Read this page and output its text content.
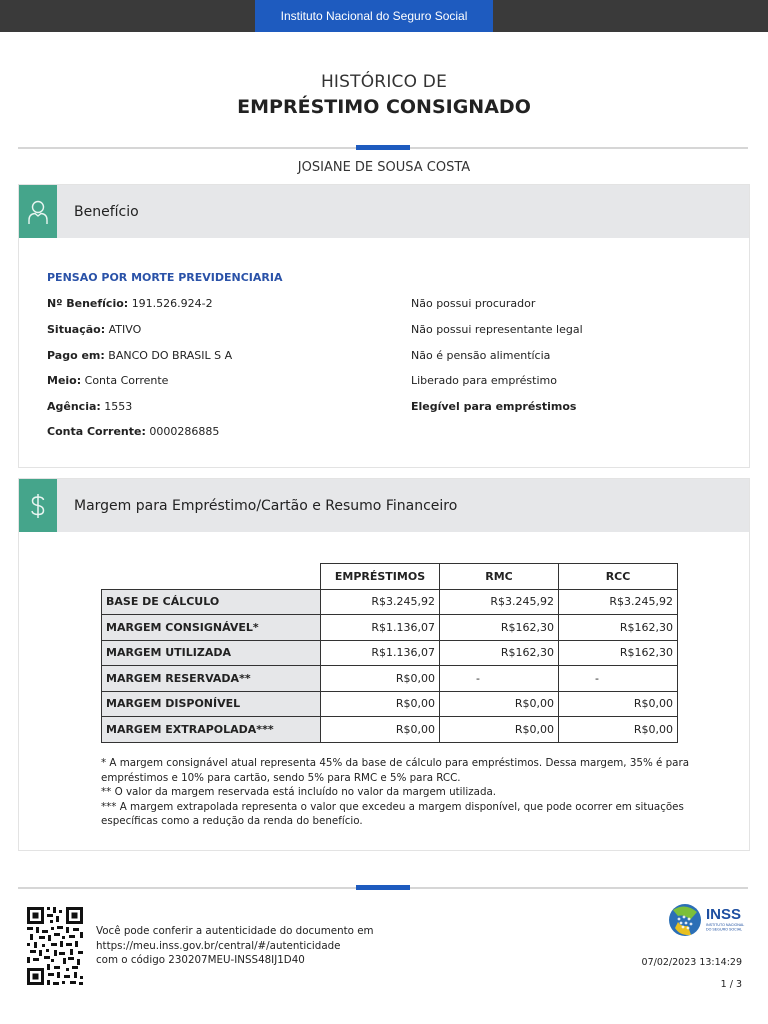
Instituto Nacional do Seguro Social
HISTÓRICO DE
EMPRÉSTIMO CONSIGNADO
JOSIANE DE SOUSA COSTA
Benefício
PENSAO POR MORTE PREVIDENCIARIA
Nº Benefício: 191.526.924-2
Situação: ATIVO
Pago em: BANCO DO BRASIL S A
Meio: Conta Corrente
Agência: 1553
Conta Corrente: 0000286885
Não possui procurador
Não possui representante legal
Não é pensão alimentícia
Liberado para empréstimo
Elegível para empréstimos
Margem para Empréstimo/Cartão e Resumo Financeiro
	EMPRÉSTIMOS	RMC	RCC
BASE DE CÁLCULO	R$3.245,92	R$3.245,92	R$3.245,92
MARGEM CONSIGNÁVEL*	R$1.136,07	R$162,30	R$162,30
MARGEM UTILIZADA	R$1.136,07	R$162,30	R$162,30
MARGEM RESERVADA**	R$0,00	-	-
MARGEM DISPONÍVEL	R$0,00	R$0,00	R$0,00
MARGEM EXTRAPOLADA***	R$0,00	R$0,00	R$0,00
* A margem consignável atual representa 45% da base de cálculo para empréstimos. Dessa margem, 35% é para empréstimos e 10% para cartão, sendo 5% para RMC e 5% para RCC.
** O valor da margem reservada está incluído no valor da margem utilizada.
*** A margem extrapolada representa o valor que excedeu a margem disponível, que pode ocorrer em situações específicas como a redução da renda do benefício.
Você pode conferir a autenticidade do documento em
https://meu.inss.gov.br/central/#/autenticidade
com o código 230207MEU-INSS48IJ1D40
INSS
INSTITUTO NACIONAL
DO SEGURO SOCIAL
07/02/2023 13:14:29
1 / 3
